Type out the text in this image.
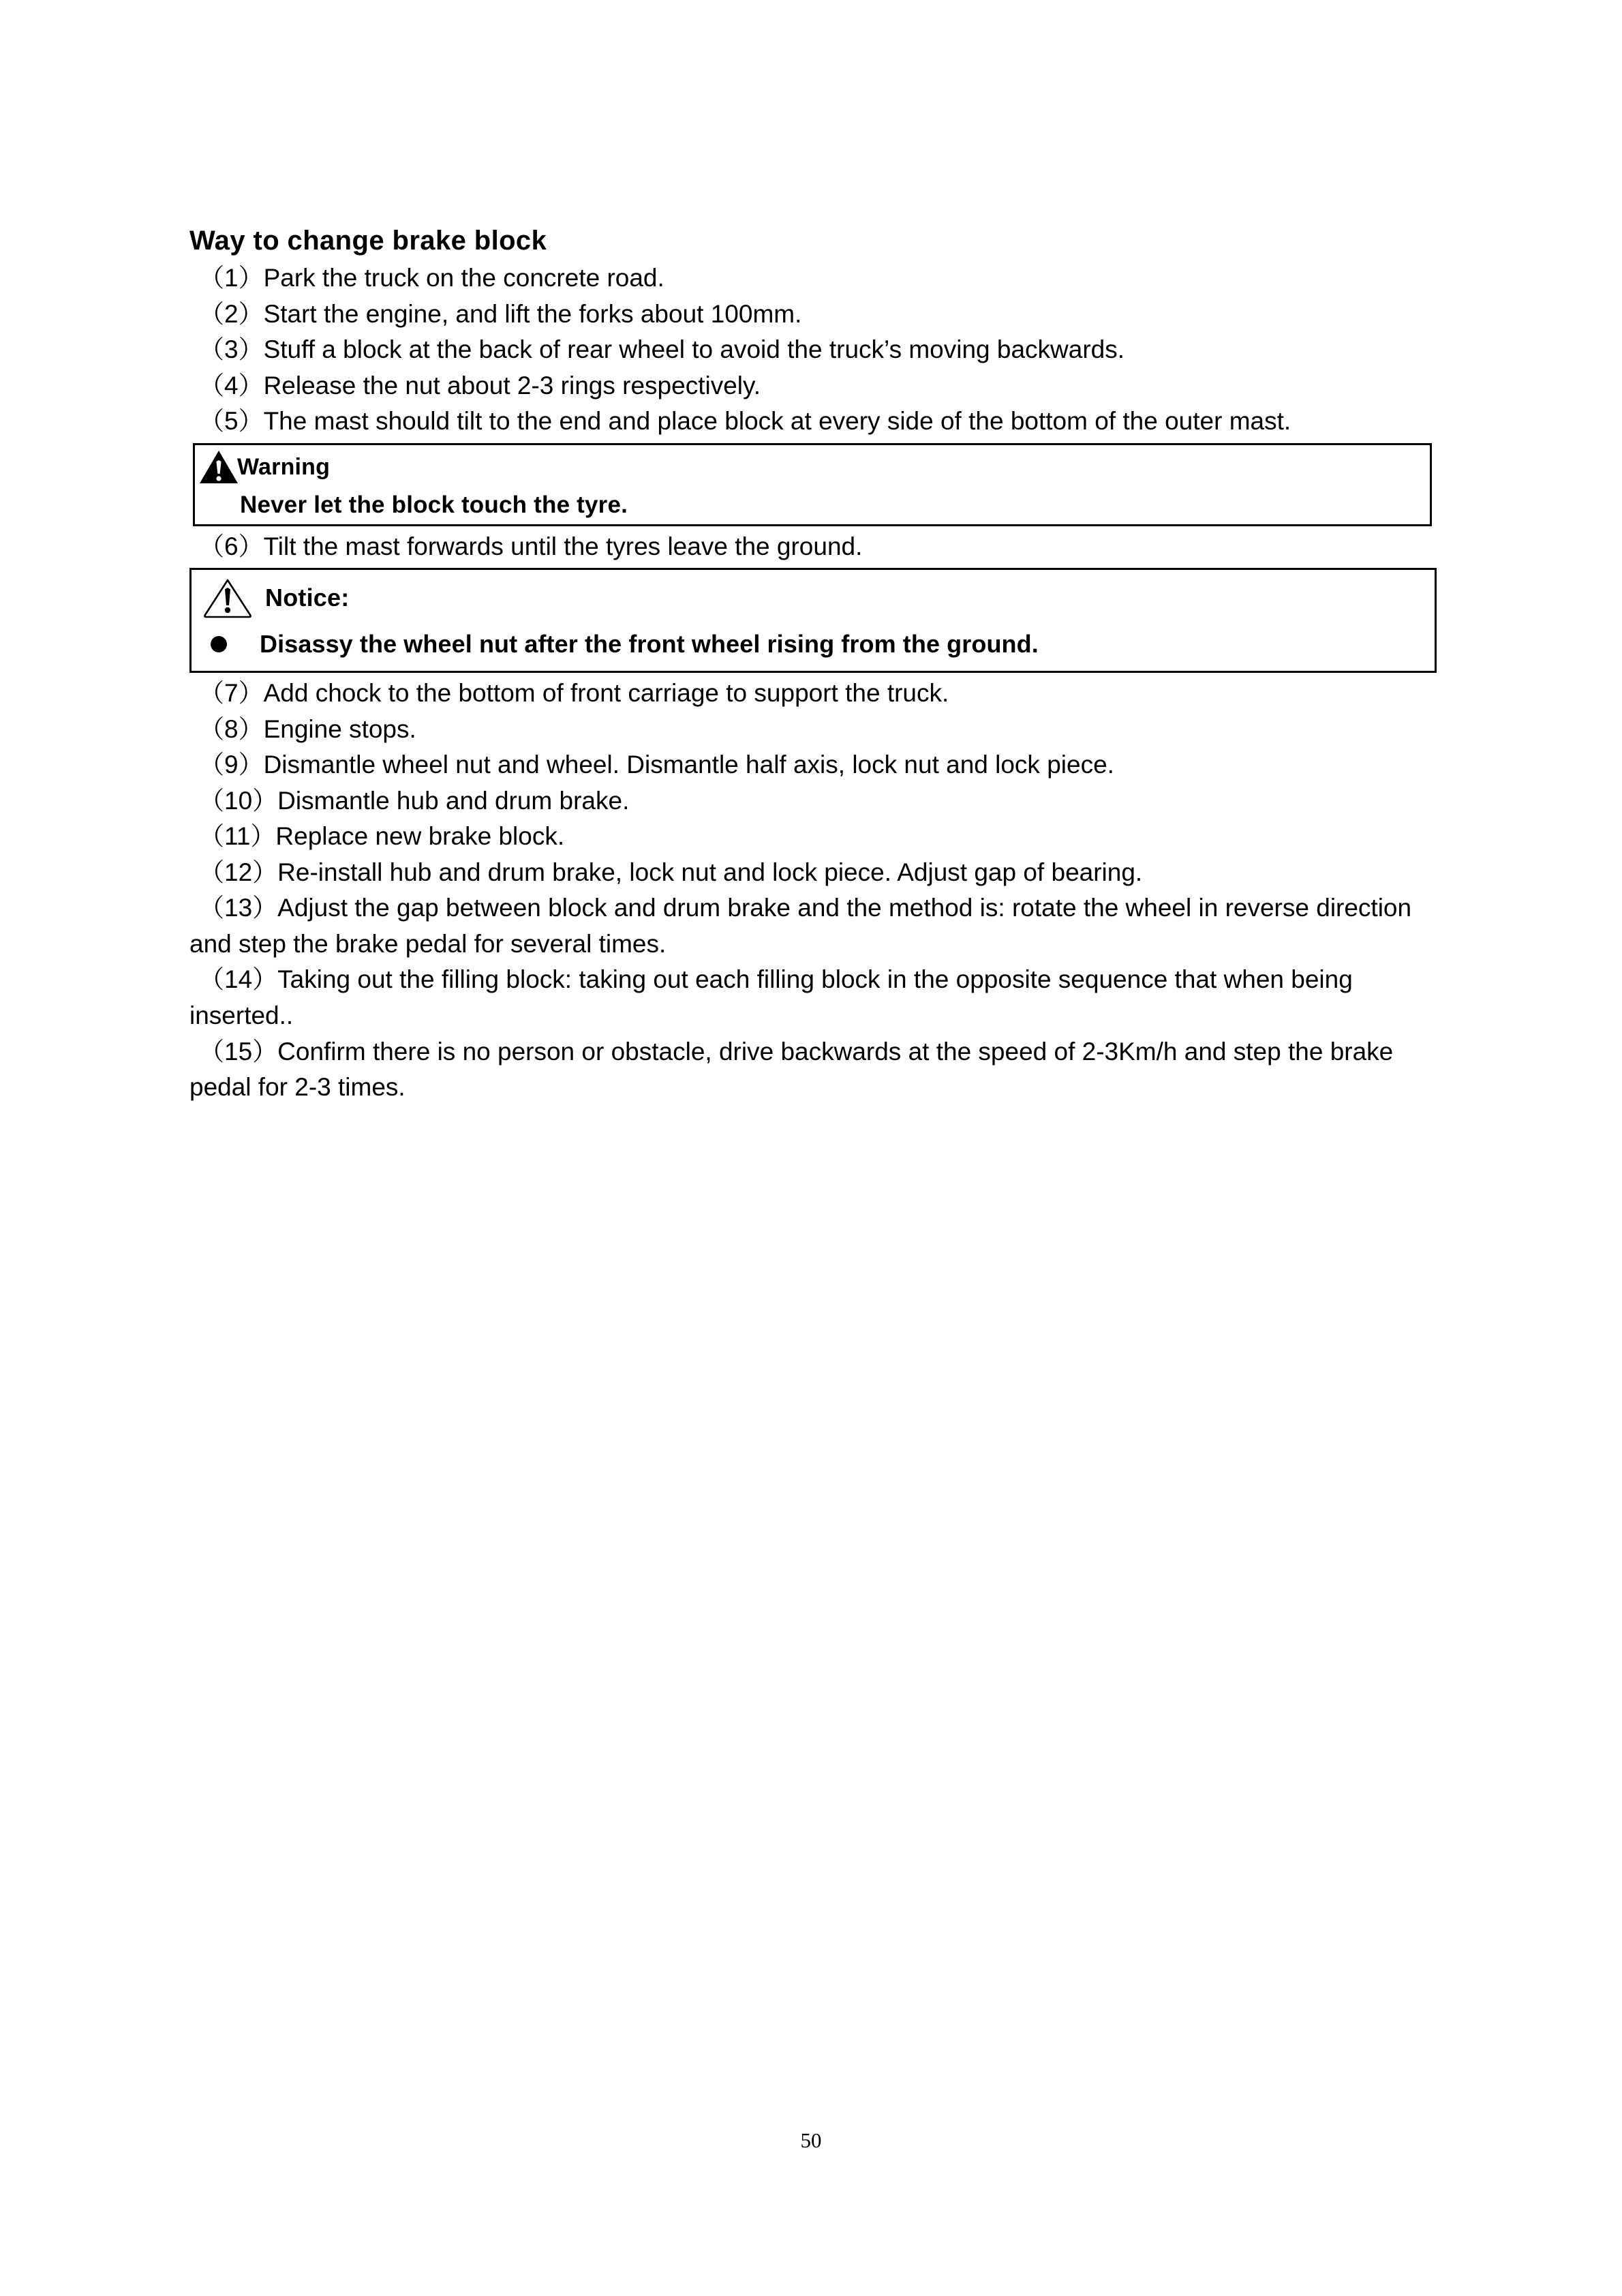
Way to change brake block

（1）Park the truck on the concrete road.

（2）Start the engine, and lift the forks about 100mm.

（3）Stuff a block at the back of rear wheel to avoid the truck’s moving backwards.

（4）Release the nut about 2-3 rings respectively.

（5）The mast should tilt to the end and place block at every side of the bottom of the outer mast.

Warning
Never let the block touch the tyre.

（6）Tilt the mast forwards until the tyres leave the ground.

Notice:
Disassy the wheel nut after the front wheel rising from the ground.

（7）Add chock to the bottom of front carriage to support the truck.

（8）Engine stops.

（9）Dismantle wheel nut and wheel. Dismantle half axis, lock nut and lock piece.

（10）Dismantle hub and drum brake.

（11）Replace new brake block.

（12）Re-install hub and drum brake, lock nut and lock piece. Adjust gap of bearing.

（13）Adjust the gap between block and drum brake and the method is: rotate the wheel in reverse direction and step the brake pedal for several times.

（14）Taking out the filling block: taking out each filling block in the opposite sequence that when being inserted..

（15）Confirm there is no person or obstacle, drive backwards at the speed of 2-3Km/h and step the brake pedal for 2-3 times.

50
